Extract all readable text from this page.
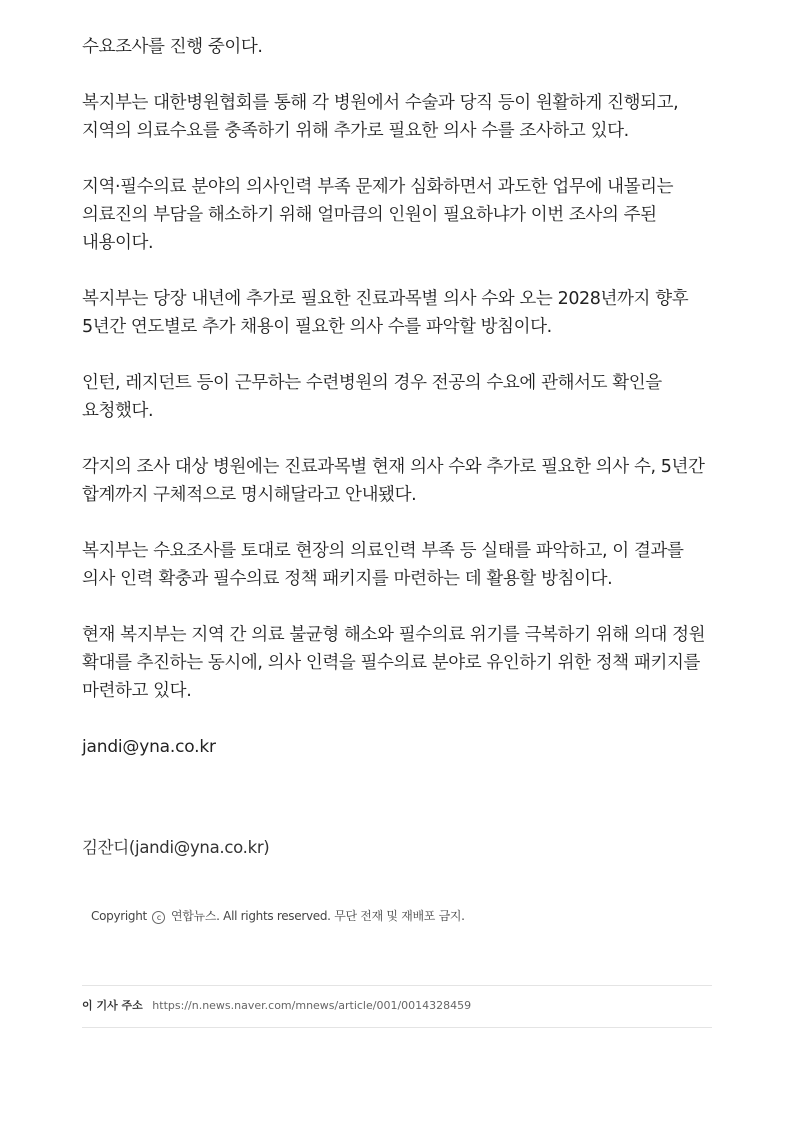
수요조사를 진행 중이다.

복지부는 대한병원협회를 통해 각 병원에서 수술과 당직 등이 원활하게 진행되고, 지역의 의료수요를 충족하기 위해 추가로 필요한 의사 수를 조사하고 있다.

지역·필수의료 분야의 의사인력 부족 문제가 심화하면서 과도한 업무에 내몰리는 의료진의 부담을 해소하기 위해 얼마큼의 인원이 필요하냐가 이번 조사의 주된 내용이다.

복지부는 당장 내년에 추가로 필요한 진료과목별 의사 수와 오는 2028년까지 향후 5년간 연도별로 추가 채용이 필요한 의사 수를 파악할 방침이다.

인턴, 레지던트 등이 근무하는 수련병원의 경우 전공의 수요에 관해서도 확인을 요청했다.

각지의 조사 대상 병원에는 진료과목별 현재 의사 수와 추가로 필요한 의사 수, 5년간 합계까지 구체적으로 명시해달라고 안내됐다.

복지부는 수요조사를 토대로 현장의 의료인력 부족 등 실태를 파악하고, 이 결과를 의사 인력 확충과 필수의료 정책 패키지를 마련하는 데 활용할 방침이다.

현재 복지부는 지역 간 의료 불균형 해소와 필수의료 위기를 극복하기 위해 의대 정원 확대를 추진하는 동시에, 의사 인력을 필수의료 분야로 유인하기 위한 정책 패키지를 마련하고 있다.

jandi@yna.co.kr

김잔디(jandi@yna.co.kr)
Copyright c 연합뉴스. All rights reserved. 무단 전재 및 재배포 금지.
이 기사 주소 https://n.news.naver.com/mnews/article/001/0014328459
